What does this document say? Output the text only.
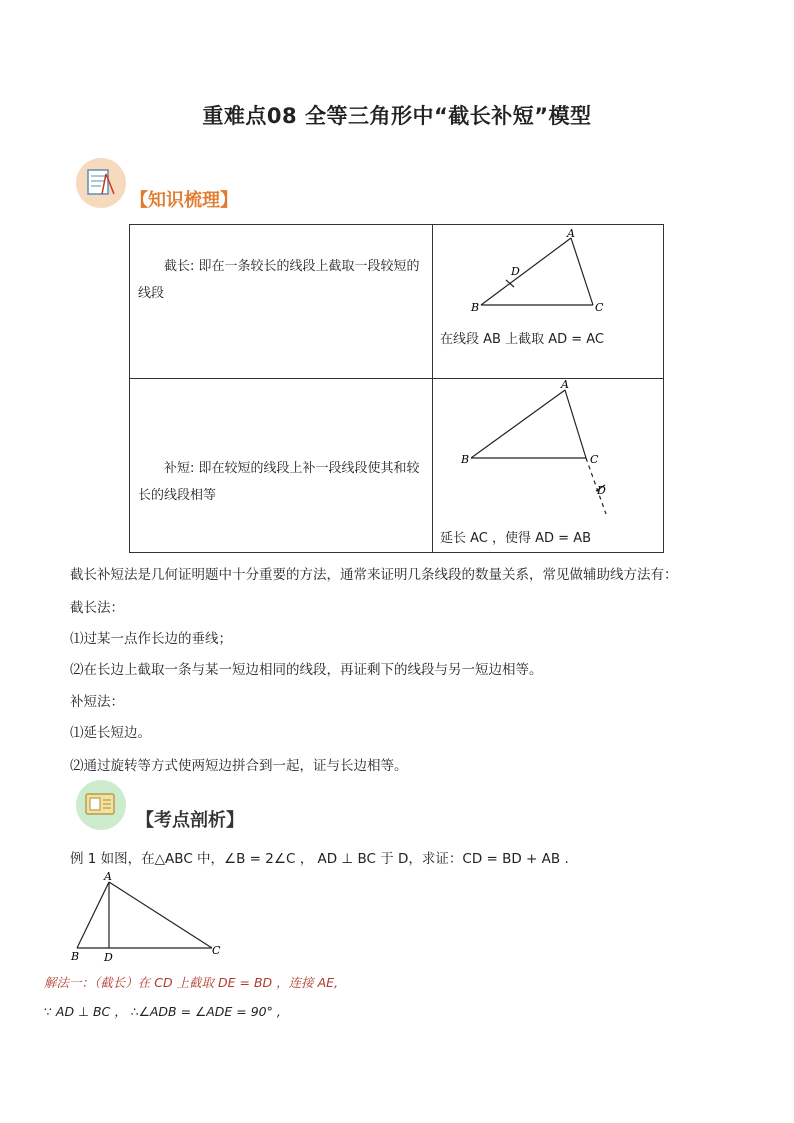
重难点08 全等三角形中“截长补短”模型
【知识梳理】
截长: 即在一条较长的线段上截取一段较短的线段	A
B C
D
在线段 AB 上截取 AD = AC

补短: 即在较短的线段上补一段线段使其和较长的线段相等	A
B C
D
延长 AC ，使得 AD = AB
截长补短法是几何证明题中十分重要的方法，通常来证明几条线段的数量关系，常见做辅助线方法有：
截长法：
⑴过某一点作长边的垂线；
⑵在长边上截取一条与某一短边相同的线段，再证剩下的线段与另一短边相等。
补短法：
⑴延长短边。
⑵通过旋转等方式使两短边拼合到一起，证与长边相等。
【考点剖析】
例 1 如图，在△ABC 中，∠B = 2∠C ， AD ⊥ BC 于 D，求证：CD = BD + AB .
A
B	C
D
解法一：（截长）在 CD 上截取 DE = BD ，连接 AE,
∵ AD ⊥ BC ， ∴∠ADB = ∠ADE = 90° ,
